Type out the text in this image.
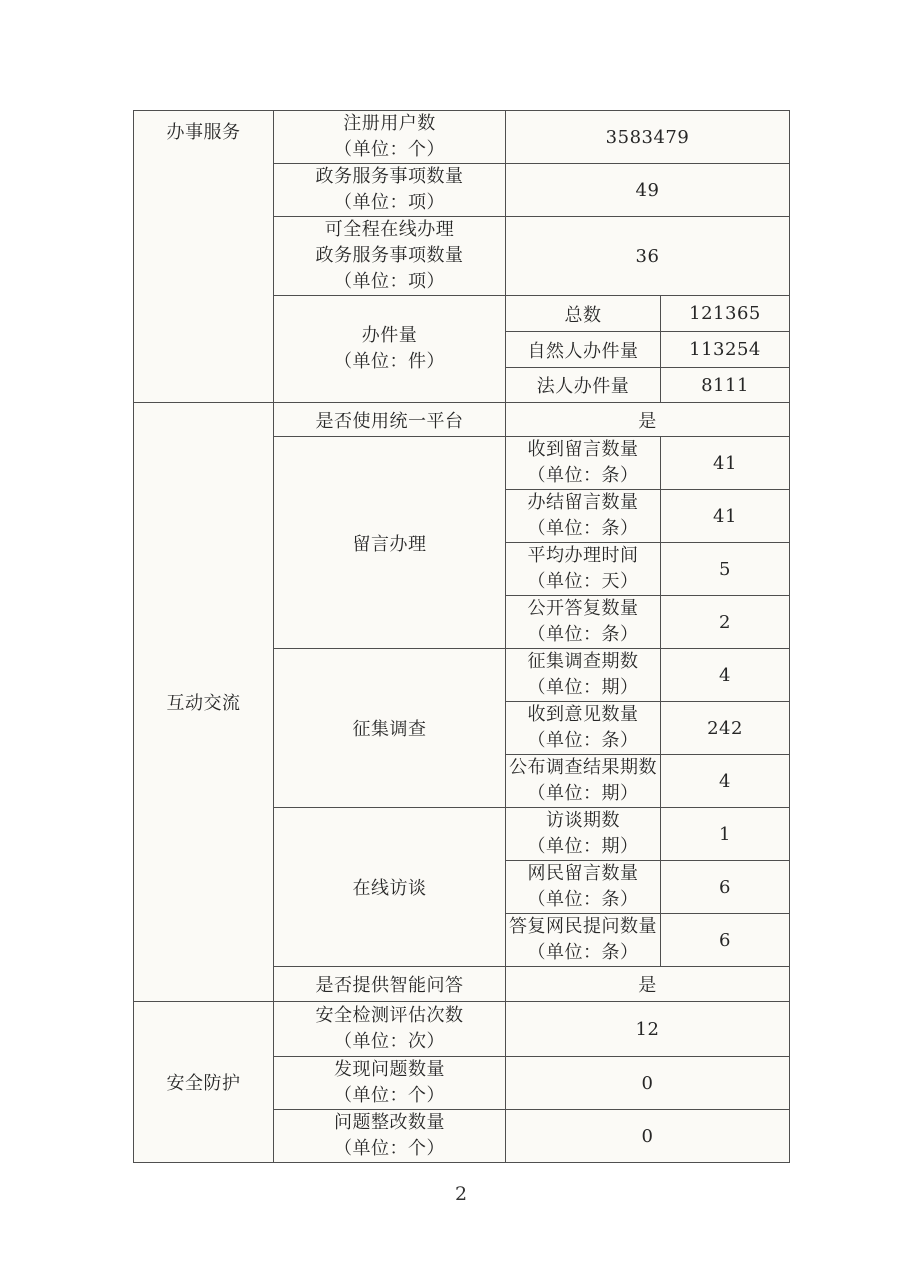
办事服务	注册用户数
（单位：个）	3583479	

	政务服务事项数量
（单位：项）	49	

	可全程在线办理
政务服务事项数量
（单位：项）	36	

	办件量
（单位：件）	总数	121365
		自然人办件量	113254
		法人办件量	8111
互动交流	是否使用统一平台	是	
	留言办理	收到留言数量
（单位：条）	41

		办结留言数量
（单位：条）	41

		平均办理时间
（单位：天）	5

		公开答复数量
（单位：条）	2
	征集调查	征集调查期数
（单位：期）	4

		收到意见数量
（单位：条）	242

		公布调查结果期数
（单位：期）	4
	在线访谈	访谈期数
（单位：期）	1

		网民留言数量
（单位：条）	6

		答复网民提问数量
（单位：条）	6
	是否提供智能问答	是	
安全防护	安全检测评估次数
（单位：次）	12	

	发现问题数量
（单位：个）	0	

	问题整改数量
（单位：个）	0	
2
